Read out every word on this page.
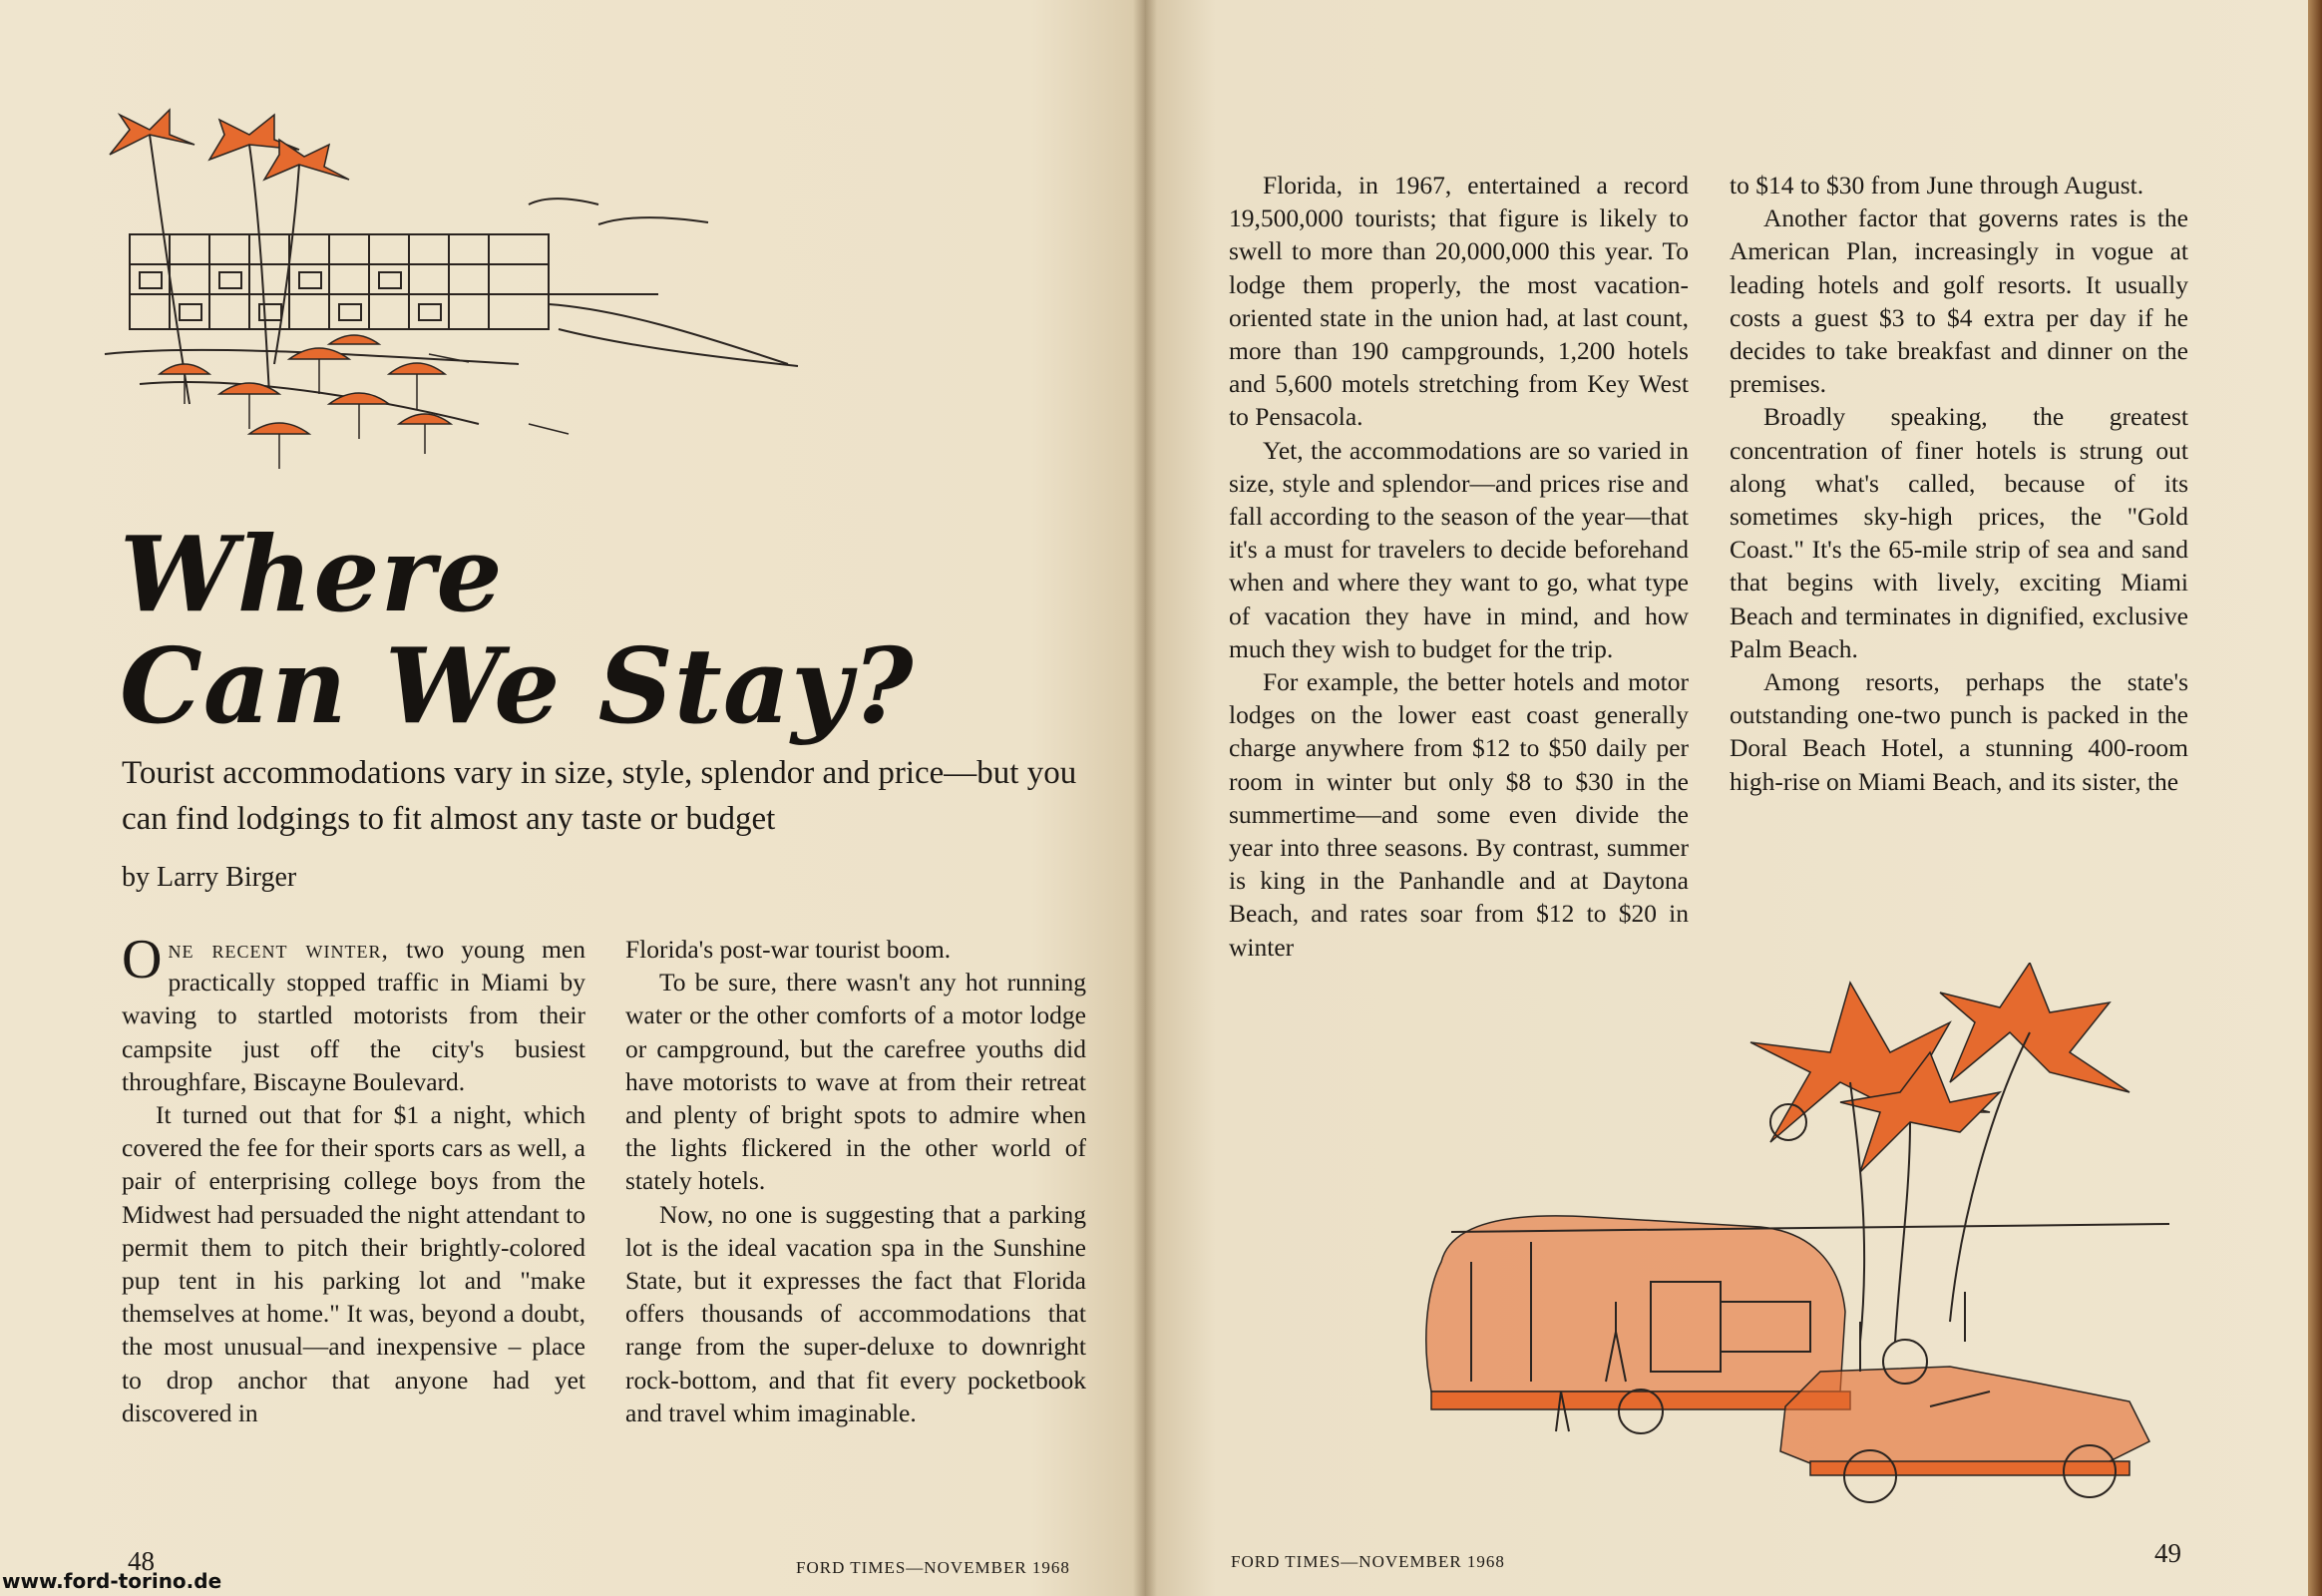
Where
Can We Stay?

Tourist accommodations vary in size, style, splendor and price—but you can find lodgings to fit almost any taste or budget

by Larry Birger

One recent winter, two young men practically stopped traffic in Miami by waving to startled motorists from their campsite just off the city's busiest throughfare, Biscayne Boulevard.

It turned out that for $1 a night, which covered the fee for their sports cars as well, a pair of enterprising college boys from the Midwest had persuaded the night attendant to permit them to pitch their brightly-colored pup tent in his parking lot and "make themselves at home." It was, beyond a doubt, the most unusual—and inexpensive – place to drop anchor that anyone had yet discovered in

Florida's post-war tourist boom.

To be sure, there wasn't any hot running water or the other comforts of a motor lodge or campground, but the carefree youths did have motorists to wave at from their retreat and plenty of bright spots to admire when the lights flickered in the other world of stately hotels.

Now, no one is suggesting that a parking lot is the ideal vacation spa in the Sunshine State, but it expresses the fact that Florida offers thousands of accommodations that range from the super-deluxe to downright rock-bottom, and that fit every pocketbook and travel whim imaginable.

Florida, in 1967, entertained a record 19,500,000 tourists; that figure is likely to swell to more than 20,000,000 this year. To lodge them properly, the most vacation-oriented state in the union had, at last count, more than 190 campgrounds, 1,200 hotels and 5,600 motels stretching from Key West to Pensacola.

Yet, the accommodations are so varied in size, style and splendor—and prices rise and fall according to the season of the year—that it's a must for travelers to decide beforehand when and where they want to go, what type of vacation they have in mind, and how much they wish to budget for the trip.

For example, the better hotels and motor lodges on the lower east coast generally charge anywhere from $12 to $50 daily per room in winter but only $8 to $30 in the summertime—and some even divide the year into three seasons. By contrast, summer is king in the Panhandle and at Daytona Beach, and rates soar from $12 to $20 in winter

to $14 to $30 from June through August.

Another factor that governs rates is the American Plan, increasingly in vogue at leading hotels and golf resorts. It usually costs a guest $3 to $4 extra per day if he decides to take breakfast and dinner on the premises.

Broadly speaking, the greatest concentration of finer hotels is strung out along what's called, because of its sometimes sky-high prices, the "Gold Coast." It's the 65-mile strip of sea and sand that begins with lively, exciting Miami Beach and terminates in dignified, exclusive Palm Beach.

Among resorts, perhaps the state's outstanding one-two punch is packed in the Doral Beach Hotel, a stunning 400-room high-rise on Miami Beach, and its sister, the

FORD TIMES—NOVEMBER 1968
48	FORD TIMES—NOVEMBER 1968	49
www.ford-torino.de
